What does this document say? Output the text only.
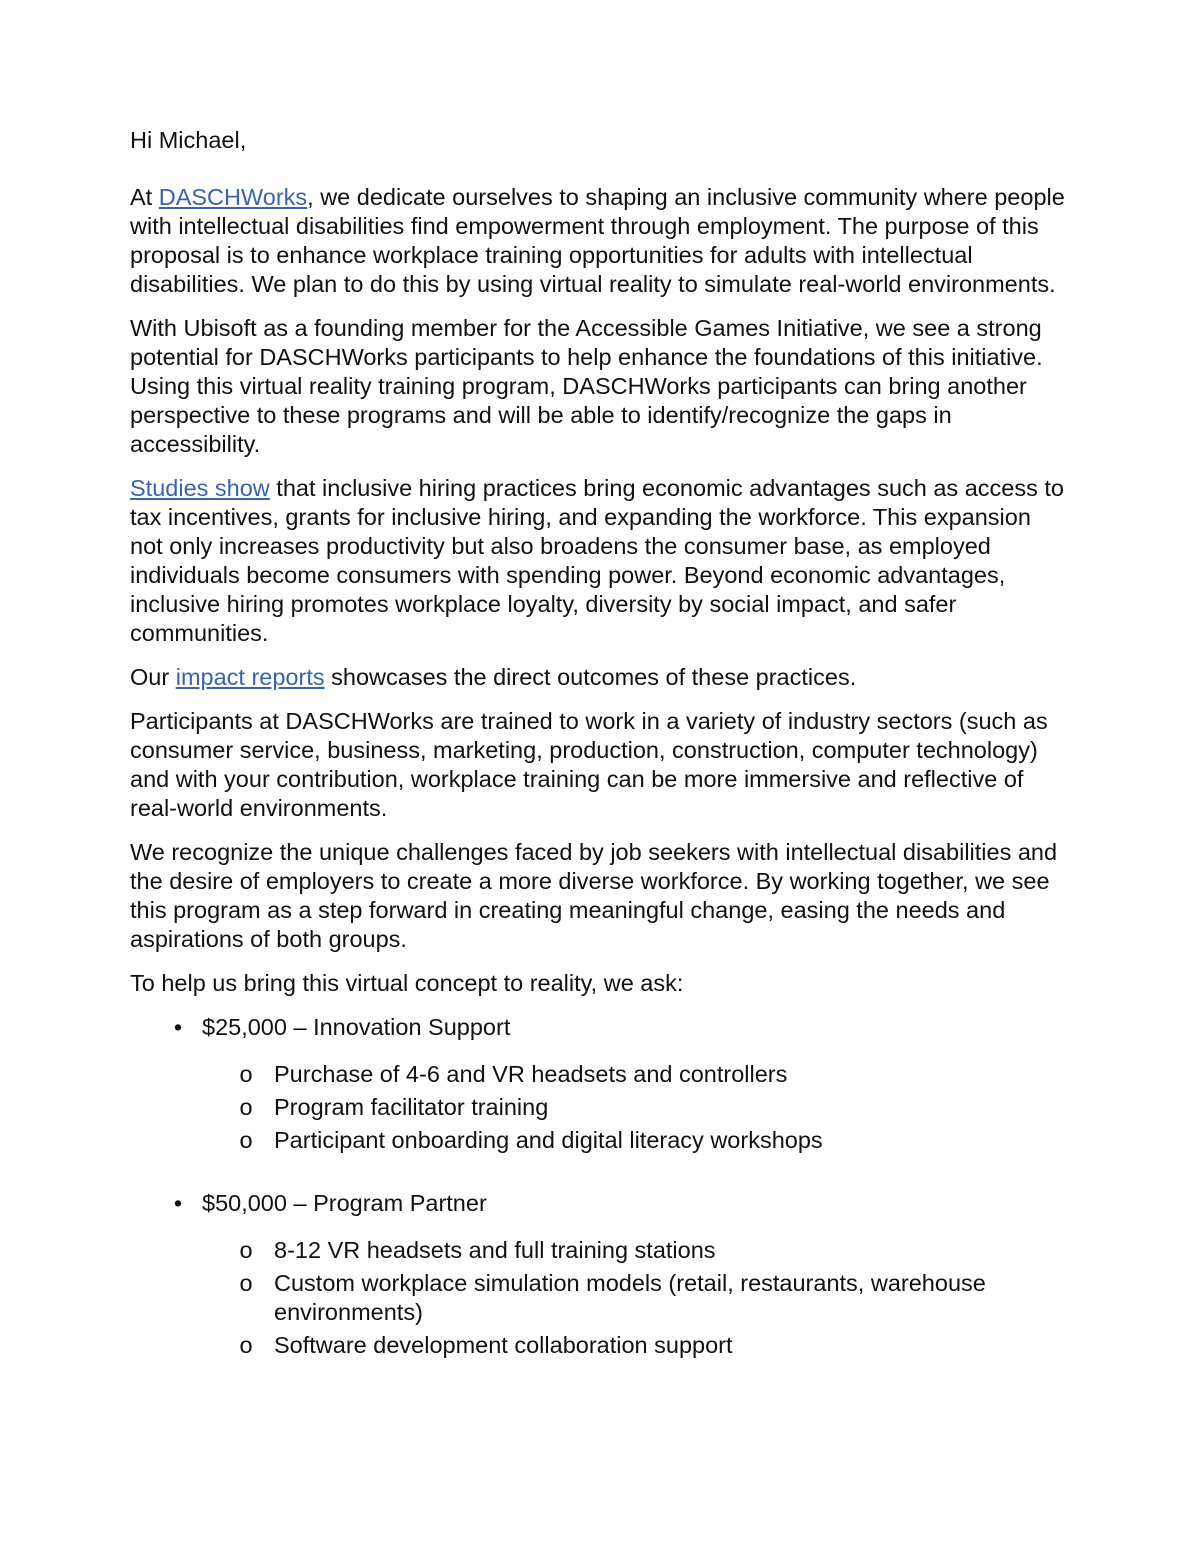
Hi Michael,

At DASCHWorks, we dedicate ourselves to shaping an inclusive community where people with intellectual disabilities find empowerment through employment. The purpose of this proposal is to enhance workplace training opportunities for adults with intellectual disabilities. We plan to do this by using virtual reality to simulate real-world environments.

With Ubisoft as a founding member for the Accessible Games Initiative, we see a strong potential for DASCHWorks participants to help enhance the foundations of this initiative. Using this virtual reality training program, DASCHWorks participants can bring another perspective to these programs and will be able to identify/recognize the gaps in accessibility.

Studies show that inclusive hiring practices bring economic advantages such as access to tax incentives, grants for inclusive hiring, and expanding the workforce. This expansion not only increases productivity but also broadens the consumer base, as employed individuals become consumers with spending power. Beyond economic advantages, inclusive hiring promotes workplace loyalty, diversity by social impact, and safer communities.

Our impact reports showcases the direct outcomes of these practices.

Participants at DASCHWorks are trained to work in a variety of industry sectors (such as consumer service, business, marketing, production, construction, computer technology) and with your contribution, workplace training can be more immersive and reflective of real-world environments.

We recognize the unique challenges faced by job seekers with intellectual disabilities and the desire of employers to create a more diverse workforce. By working together, we see this program as a step forward in creating meaningful change, easing the needs and aspirations of both groups.

To help us bring this virtual concept to reality, we ask:

• $25,000 – Innovation Support
o Purchase of 4-6 and VR headsets and controllers
o Program facilitator training
o Participant onboarding and digital literacy workshops
• $50,000 – Program Partner
o 8-12 VR headsets and full training stations
o Custom workplace simulation models (retail, restaurants, warehouse environments)
o Software development collaboration support
